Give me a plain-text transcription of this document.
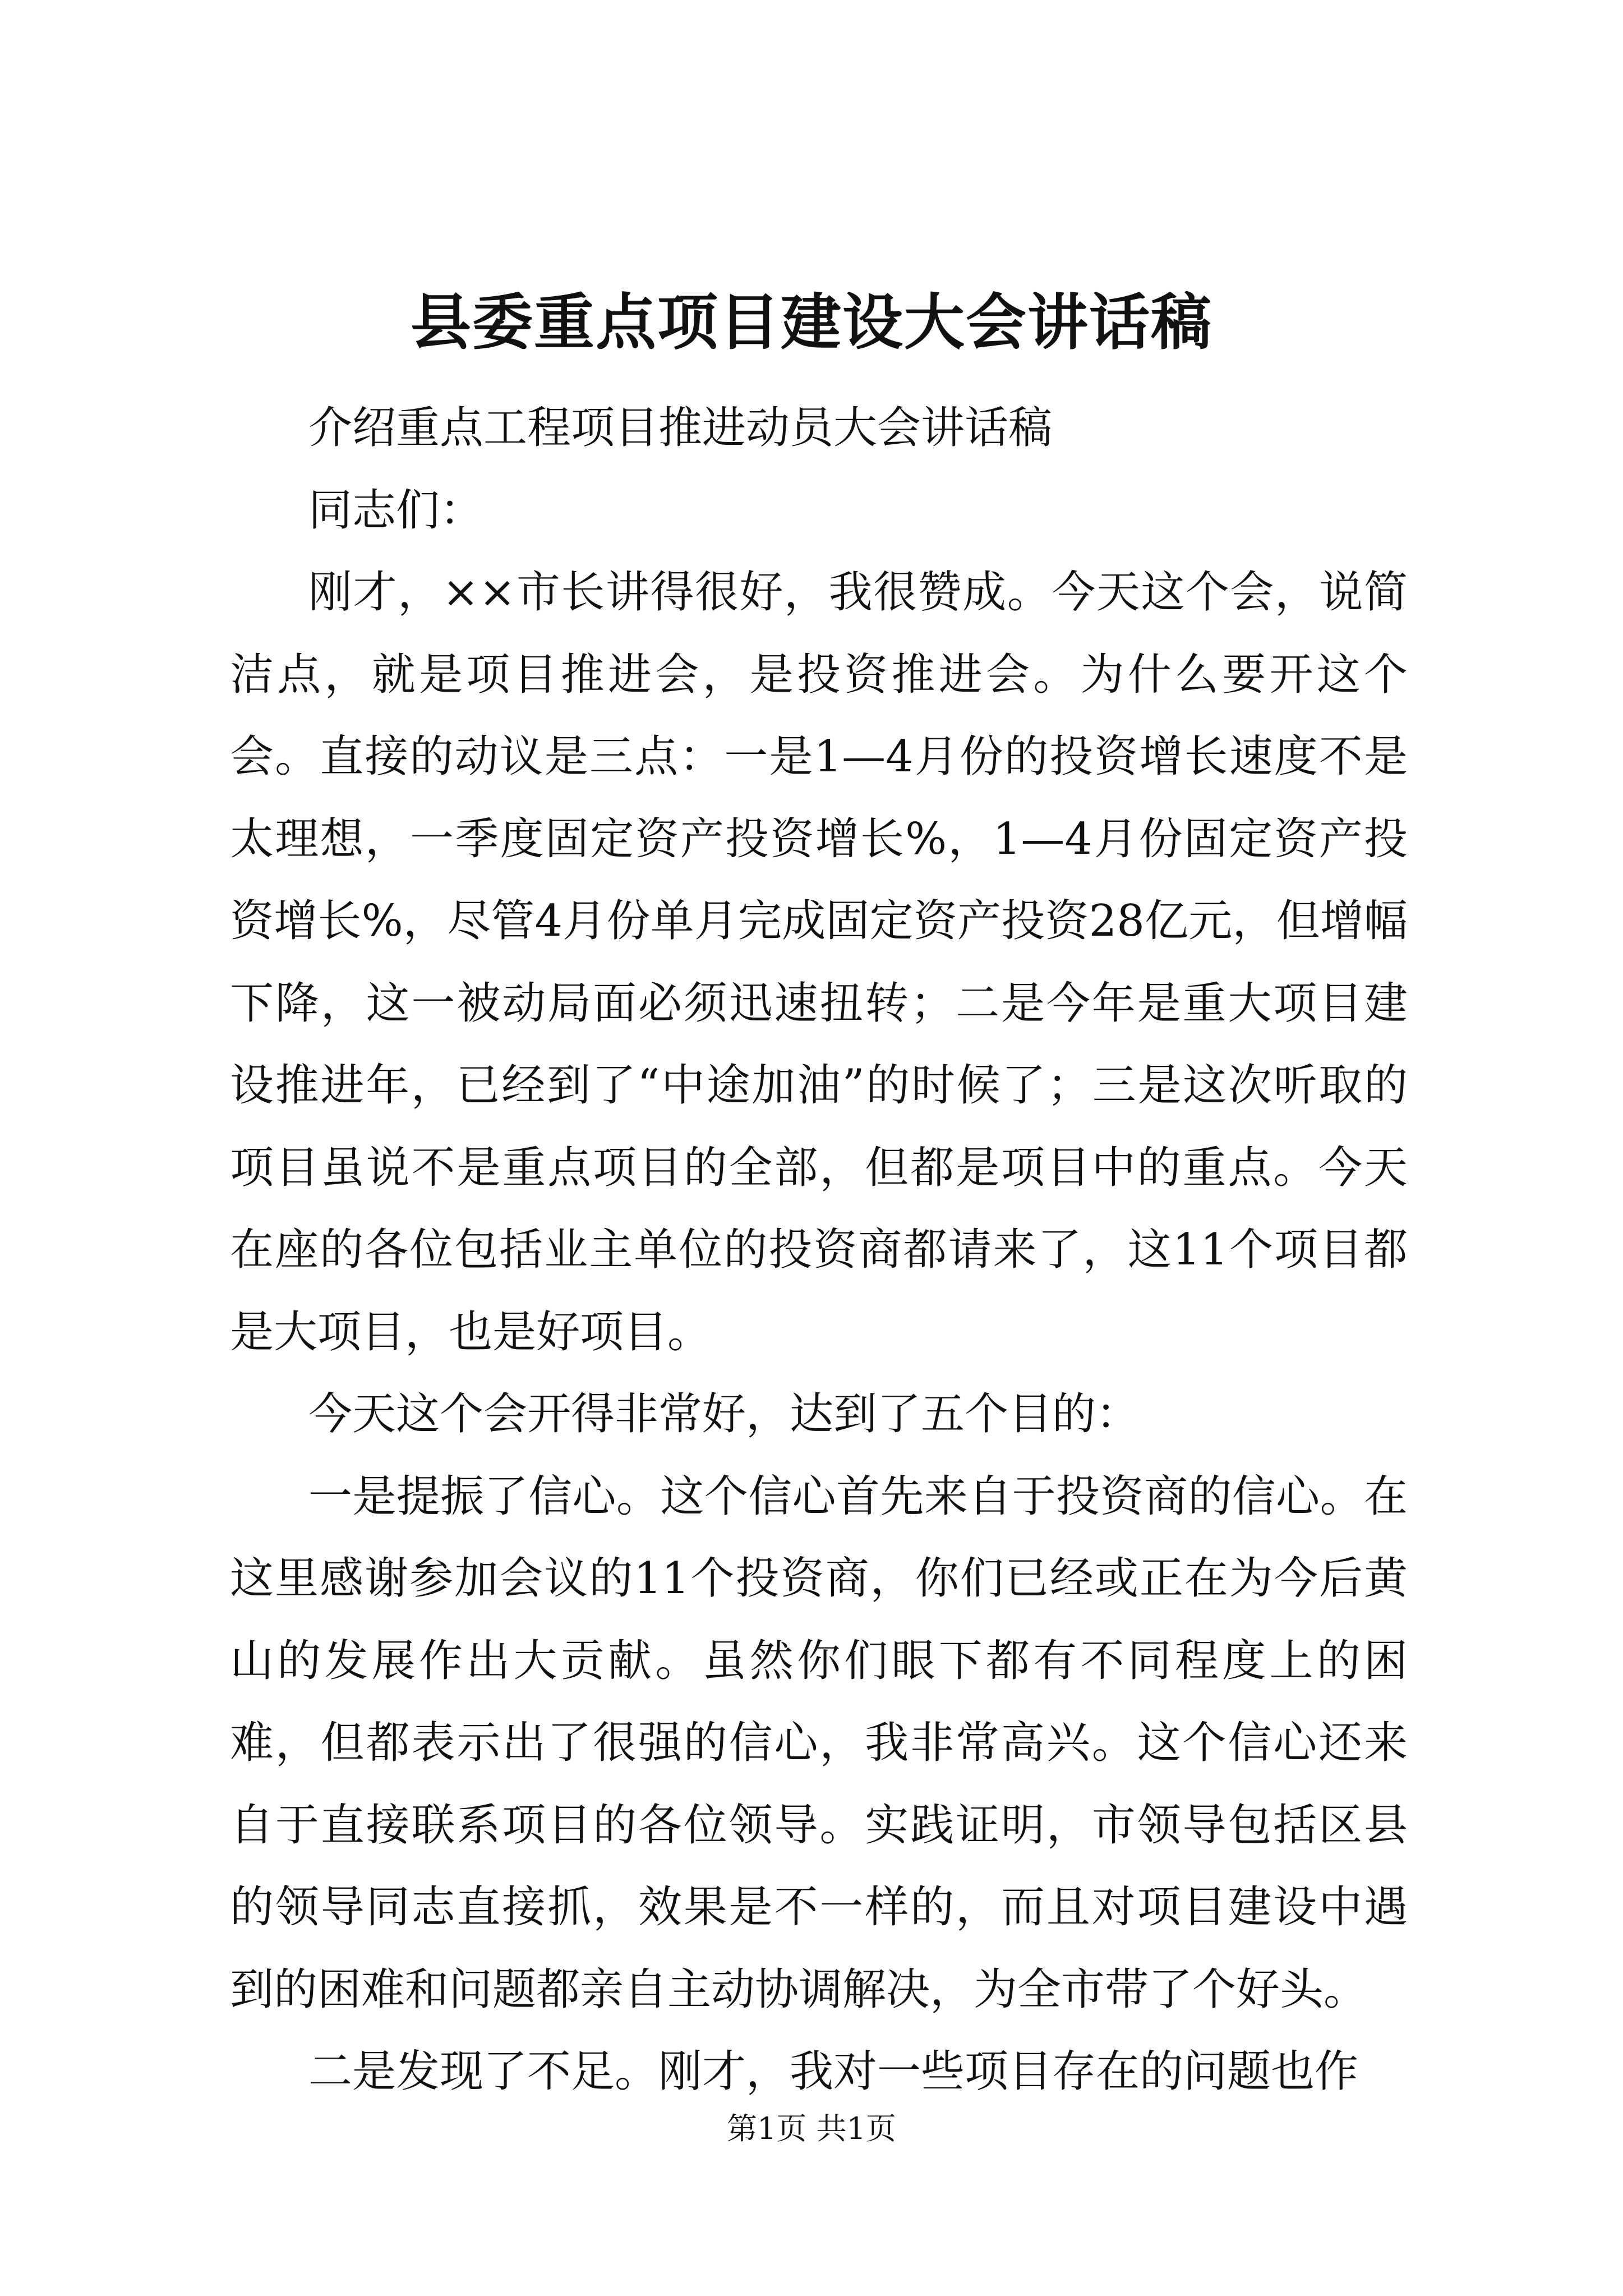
县委重点项目建设大会讲话稿

介绍重点工程项目推进动员大会讲话稿

同志们：

刚才，××市长讲得很好，我很赞成。今天这个会，说简洁点，就是项目推进会，是投资推进会。为什么要开这个会。直接的动议是三点：一是1—4月份的投资增长速度不是太理想，一季度固定资产投资增长%，1—4月份固定资产投资增长%，尽管4月份单月完成固定资产投资28亿元，但增幅下降，这一被动局面必须迅速扭转；二是今年是重大项目建设推进年，已经到了“中途加油”的时候了；三是这次听取的项目虽说不是重点项目的全部，但都是项目中的重点。今天在座的各位包括业主单位的投资商都请来了，这11个项目都是大项目，也是好项目。

今天这个会开得非常好，达到了五个目的：

一是提振了信心。这个信心首先来自于投资商的信心。在这里感谢参加会议的11个投资商，你们已经或正在为今后黄山的发展作出大贡献。虽然你们眼下都有不同程度上的困难，但都表示出了很强的信心，我非常高兴。这个信心还来自于直接联系项目的各位领导。实践证明，市领导包括区县的领导同志直接抓，效果是不一样的，而且对项目建设中遇到的困难和问题都亲自主动协调解决，为全市带了个好头。

二是发现了不足。刚才，我对一些项目存在的问题也作

第1页 共1页
